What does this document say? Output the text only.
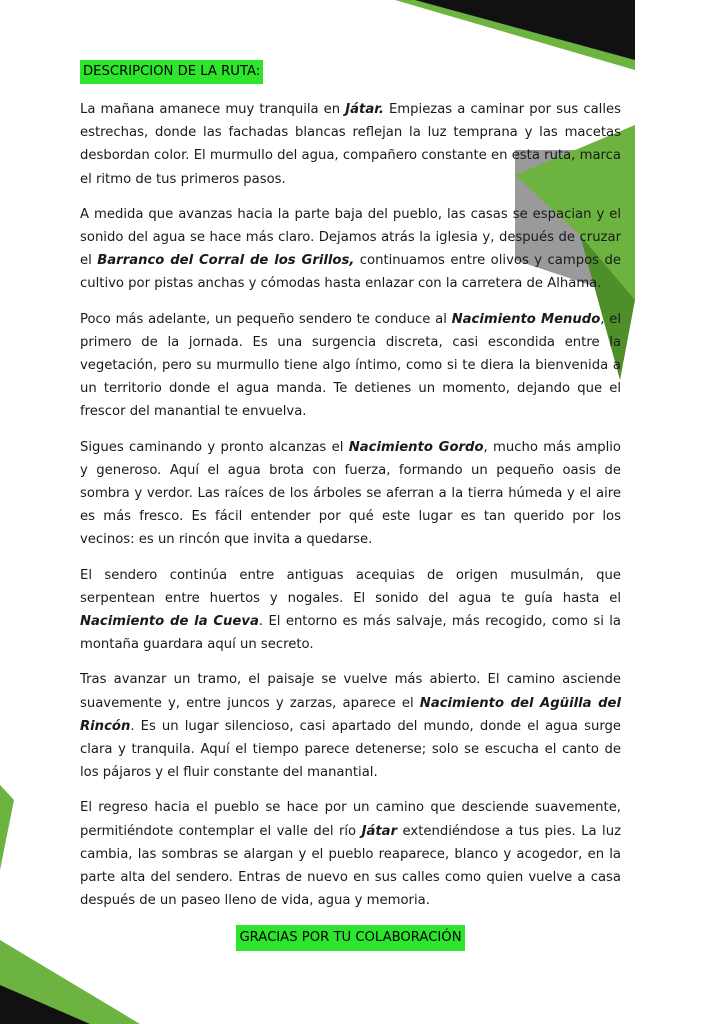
DESCRIPCION DE LA RUTA:

La mañana amanece muy tranquila en Játar. Empiezas a caminar por sus calles estrechas, donde las fachadas blancas reflejan la luz temprana y las macetas desbordan color. El murmullo del agua, compañero constante en esta ruta, marca el ritmo de tus primeros pasos.

A medida que avanzas hacia la parte baja del pueblo, las casas se espacian y el sonido del agua se hace más claro. Dejamos atrás la iglesia y, después de cruzar el Barranco del Corral de los Grillos, continuamos entre olivos y campos de cultivo por pistas anchas y cómodas hasta enlazar con la carretera de Alhama.

Poco más adelante, un pequeño sendero te conduce al Nacimiento Menudo, el primero de la jornada. Es una surgencia discreta, casi escondida entre la vegetación, pero su murmullo tiene algo íntimo, como si te diera la bienvenida a un territorio donde el agua manda. Te detienes un momento, dejando que el frescor del manantial te envuelva.

Sigues caminando y pronto alcanzas el Nacimiento Gordo, mucho más amplio y generoso. Aquí el agua brota con fuerza, formando un pequeño oasis de sombra y verdor. Las raíces de los árboles se aferran a la tierra húmeda y el aire es más fresco. Es fácil entender por qué este lugar es tan querido por los vecinos: es un rincón que invita a quedarse.

El sendero continúa entre antiguas acequias de origen musulmán, que serpentean entre huertos y nogales. El sonido del agua te guía hasta el Nacimiento de la Cueva. El entorno es más salvaje, más recogido, como si la montaña guardara aquí un secreto.

Tras avanzar un tramo, el paisaje se vuelve más abierto. El camino asciende suavemente y, entre juncos y zarzas, aparece el Nacimiento del Agüilla del Rincón. Es un lugar silencioso, casi apartado del mundo, donde el agua surge clara y tranquila. Aquí el tiempo parece detenerse; solo se escucha el canto de los pájaros y el fluir constante del manantial.

El regreso hacia el pueblo se hace por un camino que desciende suavemente, permitiéndote contemplar el valle del río Játar extendiéndose a tus pies. La luz cambia, las sombras se alargan y el pueblo reaparece, blanco y acogedor, en la parte alta del sendero. Entras de nuevo en sus calles como quien vuelve a casa después de un paseo lleno de vida, agua y memoria.

GRACIAS POR TU COLABORACIÓN
